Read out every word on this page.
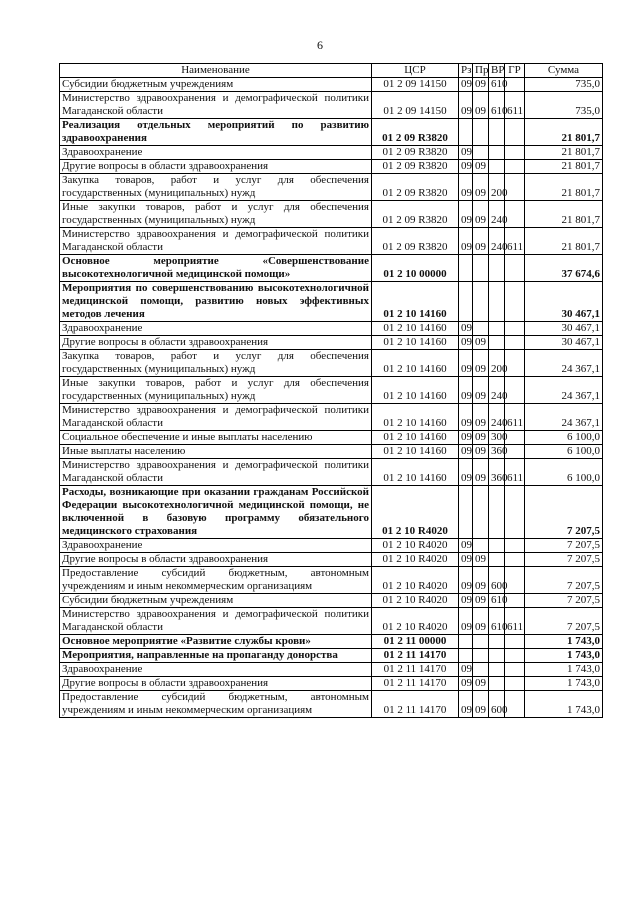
6
Наименование	ЦСР	Рз	Пр	ВР	ГР	Сумма
Субсидии бюджетным учреждениям	01 2 09 14150	09	09	610		735,0
Министерство здравоохранения и демографической политики Магаданской области	01 2 09 14150	09	09	610	611	735,0
Реализация отдельных мероприятий по развитию здравоохранения	01 2 09 R3820					21 801,7
Здравоохранение	01 2 09 R3820	09				21 801,7
Другие вопросы в области здравоохранения	01 2 09 R3820	09	09			21 801,7
Закупка товаров, работ и услуг для обеспечения государственных (муниципальных) нужд	01 2 09 R3820	09	09	200		21 801,7
Иные закупки товаров, работ и услуг для обеспечения государственных (муниципальных) нужд	01 2 09 R3820	09	09	240		21 801,7
Министерство здравоохранения и демографической политики Магаданской области	01 2 09 R3820	09	09	240	611	21 801,7
Основное мероприятие «Совершенствование высокотехнологичной медицинской помощи»	01 2 10 00000					37 674,6
Мероприятия по совершенствованию высокотехнологичной медицинской помощи, развитию новых эффективных методов лечения	01 2 10 14160					30 467,1
Здравоохранение	01 2 10 14160	09				30 467,1
Другие вопросы в области здравоохранения	01 2 10 14160	09	09			30 467,1
Закупка товаров, работ и услуг для обеспечения государственных (муниципальных) нужд	01 2 10 14160	09	09	200		24 367,1
Иные закупки товаров, работ и услуг для обеспечения государственных (муниципальных) нужд	01 2 10 14160	09	09	240		24 367,1
Министерство здравоохранения и демографической политики Магаданской области	01 2 10 14160	09	09	240	611	24 367,1
Социальное обеспечение и иные выплаты населению	01 2 10 14160	09	09	300		6 100,0
Иные выплаты населению	01 2 10 14160	09	09	360		6 100,0
Министерство здравоохранения и демографической политики Магаданской области	01 2 10 14160	09	09	360	611	6 100,0
Расходы, возникающие при оказании гражданам Российской Федерации высокотехнологичной медицинской помощи, не включенной в базовую программу обязательного медицинского страхования	01 2 10 R4020					7 207,5
Здравоохранение	01 2 10 R4020	09				7 207,5
Другие вопросы в области здравоохранения	01 2 10 R4020	09	09			7 207,5
Предоставление субсидий бюджетным, автономным учреждениям и иным некоммерческим организациям	01 2 10 R4020	09	09	600		7 207,5
Субсидии бюджетным учреждениям	01 2 10 R4020	09	09	610		7 207,5
Министерство здравоохранения и демографической политики Магаданской области	01 2 10 R4020	09	09	610	611	7 207,5
Основное мероприятие «Развитие службы крови»	01 2 11 00000					1 743,0
Мероприятия, направленные на пропаганду донорства	01 2 11 14170					1 743,0
Здравоохранение	01 2 11 14170	09				1 743,0
Другие вопросы в области здравоохранения	01 2 11 14170	09	09			1 743,0
Предоставление субсидий бюджетным, автономным учреждениям и иным некоммерческим организациям	01 2 11 14170	09	09	600		1 743,0
